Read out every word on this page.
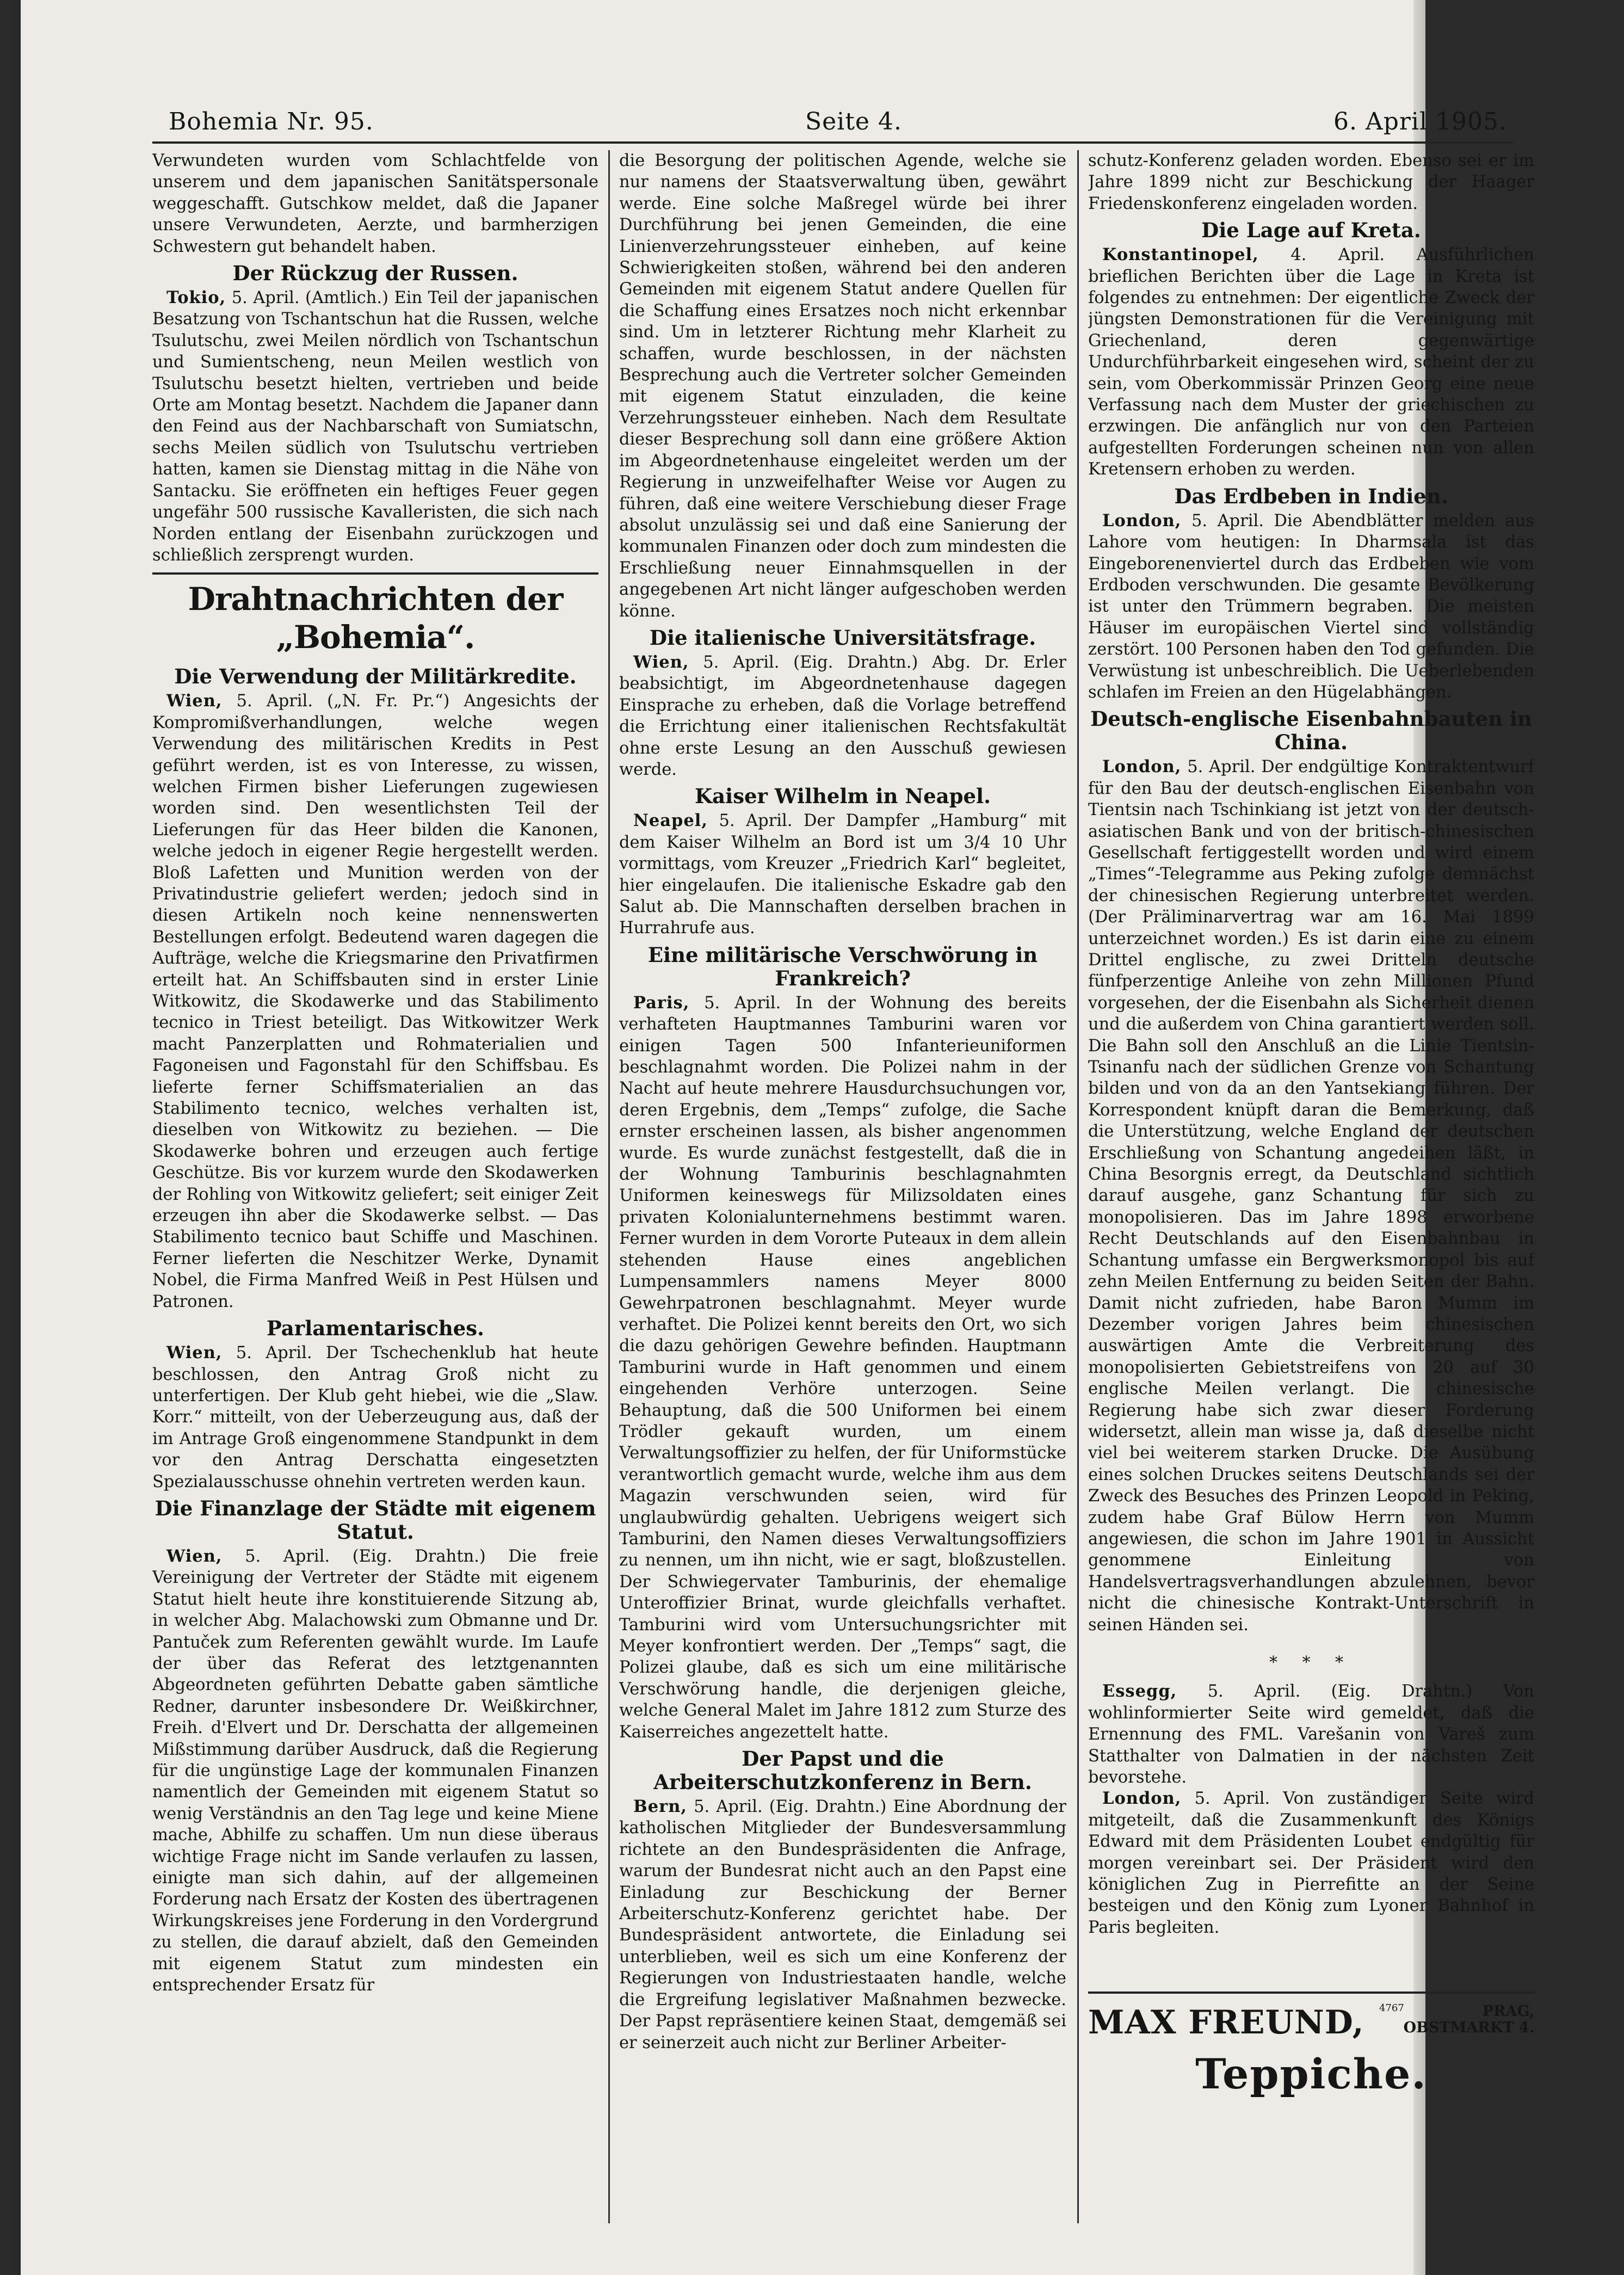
Bohemia Nr. 95.	Seite 4.	6. April 1905.

Verwundeten wurden vom Schlachtfelde von unserem und dem japanischen Sanitätspersonale weggeschafft. Gutschkow meldet, daß die Japaner unsere Verwundeten, Aerzte, und barmherzigen Schwestern gut behandelt haben.

Der Rückzug der Russen.

Tokio, 5. April. (Amtlich.) Ein Teil der japanischen Besatzung von Tschantschun hat die Russen, welche Tsulutschu, zwei Meilen nördlich von Tschantschun und Sumientscheng, neun Meilen westlich von Tsulutschu besetzt hielten, vertrieben und beide Orte am Montag besetzt. Nachdem die Japaner dann den Feind aus der Nachbarschaft von Sumiatschn, sechs Meilen südlich von Tsulutschu vertrieben hatten, kamen sie Dienstag mittag in die Nähe von Santacku. Sie eröffneten ein heftiges Feuer gegen ungefähr 500 russische Kavalleristen, die sich nach Norden entlang der Eisenbahn zurückzogen und schließlich zersprengt wurden.

Drahtnachrichten der „Bohemia“.
Die Verwendung der Militärkredite.

Wien, 5. April. („N. Fr. Pr.“) Angesichts der Kompromißverhandlungen, welche wegen Verwendung des militärischen Kredits in Pest geführt werden, ist es von Interesse, zu wissen, welchen Firmen bisher Lieferungen zugewiesen worden sind. Den wesentlichsten Teil der Lieferungen für das Heer bilden die Kanonen, welche jedoch in eigener Regie hergestellt werden. Bloß Lafetten und Munition werden von der Privatindustrie geliefert werden; jedoch sind in diesen Artikeln noch keine nennenswerten Bestellungen erfolgt. Bedeutend waren dagegen die Aufträge, welche die Kriegsmarine den Privatfirmen erteilt hat. An Schiffsbauten sind in erster Linie Witkowitz, die Skodawerke und das Stabilimento tecnico in Triest beteiligt. Das Witkowitzer Werk macht Panzerplatten und Rohmaterialien und Fagoneisen und Fagonstahl für den Schiffsbau. Es lieferte ferner Schiffsmaterialien an das Stabilimento tecnico, welches verhalten ist, dieselben von Witkowitz zu beziehen. — Die Skodawerke bohren und erzeugen auch fertige Geschütze. Bis vor kurzem wurde den Skodawerken der Rohling von Witkowitz geliefert; seit einiger Zeit erzeugen ihn aber die Skodawerke selbst. — Das Stabilimento tecnico baut Schiffe und Maschinen. Ferner lieferten die Neschitzer Werke, Dynamit Nobel, die Firma Manfred Weiß in Pest Hülsen und Patronen.

Parlamentarisches.

Wien, 5. April. Der Tschechenklub hat heute beschlossen, den Antrag Groß nicht zu unterfertigen. Der Klub geht hiebei, wie die „Slaw. Korr.“ mitteilt, von der Ueberzeugung aus, daß der im Antrage Groß eingenommene Standpunkt in dem vor den Antrag Derschatta eingesetzten Spezialausschusse ohnehin vertreten werden kaun.

Die Finanzlage der Städte mit eigenem Statut.

Wien, 5. April. (Eig. Drahtn.) Die freie Vereinigung der Vertreter der Städte mit eigenem Statut hielt heute ihre konstituierende Sitzung ab, in welcher Abg. Malachowski zum Obmanne und Dr. Pantuček zum Referenten gewählt wurde. Im Laufe der über das Referat des letztgenannten Abgeordneten geführten Debatte gaben sämtliche Redner, darunter insbesondere Dr. Weißkirchner, Freih. d'Elvert und Dr. Derschatta der allgemeinen Mißstimmung darüber Ausdruck, daß die Regierung für die ungünstige Lage der kommunalen Finanzen namentlich der Gemeinden mit eigenem Statut so wenig Verständnis an den Tag lege und keine Miene mache, Abhilfe zu schaffen. Um nun diese überaus wichtige Frage nicht im Sande verlaufen zu lassen, einigte man sich dahin, auf der allgemeinen Forderung nach Ersatz der Kosten des übertragenen Wirkungskreises jene Forderung in den Vordergrund zu stellen, die darauf abzielt, daß den Gemeinden mit eigenem Statut zum mindesten ein entsprechender Ersatz für

die Besorgung der politischen Agende, welche sie nur namens der Staatsverwaltung üben, gewährt werde. Eine solche Maßregel würde bei ihrer Durchführung bei jenen Gemeinden, die eine Linienverzehrungssteuer einheben, auf keine Schwierigkeiten stoßen, während bei den anderen Gemeinden mit eigenem Statut andere Quellen für die Schaffung eines Ersatzes noch nicht erkennbar sind. Um in letzterer Richtung mehr Klarheit zu schaffen, wurde beschlossen, in der nächsten Besprechung auch die Vertreter solcher Gemeinden mit eigenem Statut einzuladen, die keine Verzehrungssteuer einheben. Nach dem Resultate dieser Besprechung soll dann eine größere Aktion im Abgeordnetenhause eingeleitet werden um der Regierung in unzweifelhafter Weise vor Augen zu führen, daß eine weitere Verschiebung dieser Frage absolut unzulässig sei und daß eine Sanierung der kommunalen Finanzen oder doch zum mindesten die Erschließung neuer Einnahmsquellen in der angegebenen Art nicht länger aufgeschoben werden könne.

Die italienische Universitätsfrage.

Wien, 5. April. (Eig. Drahtn.) Abg. Dr. Erler beabsichtigt, im Abgeordnetenhause dagegen Einsprache zu erheben, daß die Vorlage betreffend die Errichtung einer italienischen Rechtsfakultät ohne erste Lesung an den Ausschuß gewiesen werde.

Kaiser Wilhelm in Neapel.

Neapel, 5. April. Der Dampfer „Hamburg“ mit dem Kaiser Wilhelm an Bord ist um 3/4 10 Uhr vormittags, vom Kreuzer „Friedrich Karl“ begleitet, hier eingelaufen. Die italienische Eskadre gab den Salut ab. Die Mannschaften derselben brachen in Hurrahrufe aus.

Eine militärische Verschwörung in Frankreich?

Paris, 5. April. In der Wohnung des bereits verhafteten Hauptmannes Tamburini waren vor einigen Tagen 500 Infanterieuniformen beschlagnahmt worden. Die Polizei nahm in der Nacht auf heute mehrere Hausdurchsuchungen vor, deren Ergebnis, dem „Temps“ zufolge, die Sache ernster erscheinen lassen, als bisher angenommen wurde. Es wurde zunächst festgestellt, daß die in der Wohnung Tamburinis beschlagnahmten Uniformen keineswegs für Milizsoldaten eines privaten Kolonialunternehmens bestimmt waren. Ferner wurden in dem Vororte Puteaux in dem allein stehenden Hause eines angeblichen Lumpensammlers namens Meyer 8000 Gewehrpatronen beschlagnahmt. Meyer wurde verhaftet. Die Polizei kennt bereits den Ort, wo sich die dazu gehörigen Gewehre befinden. Hauptmann Tamburini wurde in Haft genommen und einem eingehenden Verhöre unterzogen. Seine Behauptung, daß die 500 Uniformen bei einem Trödler gekauft wurden, um einem Verwaltungsoffizier zu helfen, der für Uniformstücke verantwortlich gemacht wurde, welche ihm aus dem Magazin verschwunden seien, wird für unglaubwürdig gehalten. Uebrigens weigert sich Tamburini, den Namen dieses Verwaltungsoffiziers zu nennen, um ihn nicht, wie er sagt, bloßzustellen. Der Schwiegervater Tamburinis, der ehemalige Unteroffizier Brinat, wurde gleichfalls verhaftet. Tamburini wird vom Untersuchungsrichter mit Meyer konfrontiert werden. Der „Temps“ sagt, die Polizei glaube, daß es sich um eine militärische Verschwörung handle, die derjenigen gleiche, welche General Malet im Jahre 1812 zum Sturze des Kaiserreiches angezettelt hatte.

Der Papst und die Arbeiterschutzkonferenz in Bern.

Bern, 5. April. (Eig. Drahtn.) Eine Abordnung der katholischen Mitglieder der Bundesversammlung richtete an den Bundespräsidenten die Anfrage, warum der Bundesrat nicht auch an den Papst eine Einladung zur Beschickung der Berner Arbeiterschutz-Konferenz gerichtet habe. Der Bundespräsident antwortete, die Einladung sei unterblieben, weil es sich um eine Konferenz der Regierungen von Industriestaaten handle, welche die Ergreifung legislativer Maßnahmen bezwecke. Der Papst repräsentiere keinen Staat, demgemäß sei er seinerzeit auch nicht zur Berliner Arbeiter-

schutz-Konferenz geladen worden. Ebenso sei er im Jahre 1899 nicht zur Beschickung der Haager Friedenskonferenz eingeladen worden.

Die Lage auf Kreta.

Konstantinopel, 4. April. Ausführlichen brieflichen Berichten über die Lage in Kreta ist folgendes zu entnehmen: Der eigentliche Zweck der jüngsten Demonstrationen für die Vereinigung mit Griechenland, deren gegenwärtige Undurchführbarkeit eingesehen wird, scheint der zu sein, vom Oberkommissär Prinzen Georg eine neue Verfassung nach dem Muster der griechischen zu erzwingen. Die anfänglich nur von den Parteien aufgestellten Forderungen scheinen nun von allen Kretensern erhoben zu werden.

Das Erdbeben in Indien.

London, 5. April. Die Abendblätter melden aus Lahore vom heutigen: In Dharmsala ist das Eingeborenenviertel durch das Erdbeben wie vom Erdboden verschwunden. Die gesamte Bevölkerung ist unter den Trümmern begraben. Die meisten Häuser im europäischen Viertel sind vollständig zerstört. 100 Personen haben den Tod gefunden. Die Verwüstung ist unbeschreiblich. Die Ueberlebenden schlafen im Freien an den Hügelabhängen.

Deutsch-englische Eisenbahnbauten in China.

London, 5. April. Der endgültige Kontraktentwurf für den Bau der deutsch-englischen Eisenbahn von Tientsin nach Tschinkiang ist jetzt von der deutsch-asiatischen Bank und von der britisch-chinesischen Gesellschaft fertiggestellt worden und wird einem „Times“-Telegramme aus Peking zufolge demnächst der chinesischen Regierung unterbreitet werden. (Der Präliminarvertrag war am 16. Mai 1899 unterzeichnet worden.) Es ist darin eine zu einem Drittel englische, zu zwei Dritteln deutsche fünfperzentige Anleihe von zehn Millionen Pfund vorgesehen, der die Eisenbahn als Sicherheit dienen und die außerdem von China garantiert werden soll. Die Bahn soll den Anschluß an die Linie Tientsin-Tsinanfu nach der südlichen Grenze von Schantung bilden und von da an den Yantsekiang führen. Der Korrespondent knüpft daran die Bemerkung, daß die Unterstützung, welche England der deutschen Erschließung von Schantung angedeihen läßt, in China Besorgnis erregt, da Deutschland sichtlich darauf ausgehe, ganz Schantung für sich zu monopolisieren. Das im Jahre 1898 erworbene Recht Deutschlands auf den Eisenbahnbau in Schantung umfasse ein Bergwerksmonopol bis auf zehn Meilen Entfernung zu beiden Seiten der Bahn. Damit nicht zufrieden, habe Baron Mumm im Dezember vorigen Jahres beim chinesischen auswärtigen Amte die Verbreiterung des monopolisierten Gebietstreifens von 20 auf 30 englische Meilen verlangt. Die chinesische Regierung habe sich zwar dieser Forderung widersetzt, allein man wisse ja, daß dieselbe nicht viel bei weiterem starken Drucke. Die Ausübung eines solchen Druckes seitens Deutschlands sei der Zweck des Besuches des Prinzen Leopold in Peking, zudem habe Graf Bülow Herrn von Mumm angewiesen, die schon im Jahre 1901 in Aussicht genommene Einleitung von Handelsvertragsverhandlungen abzulehnen, bevor nicht die chinesische Kontrakt-Unterschrift in seinen Händen sei.

* * *

Essegg, 5. April. (Eig. Drahtn.) Von wohlinformierter Seite wird gemeldet, daß die Ernennung des FML. Varešanin von Vareš zum Statthalter von Dalmatien in der nächsten Zeit bevorstehe.

London, 5. April. Von zuständiger Seite wird mitgeteilt, daß die Zusammenkunft des Königs Edward mit dem Präsidenten Loubet endgültig für morgen vereinbart sei. Der Präsident wird den königlichen Zug in Pierrefitte an der Seine besteigen und den König zum Lyoner Bahnhof in Paris begleiten.

MAX FREUND, 4767	PRAG,
OBSTMARKT 4.
Teppiche.
